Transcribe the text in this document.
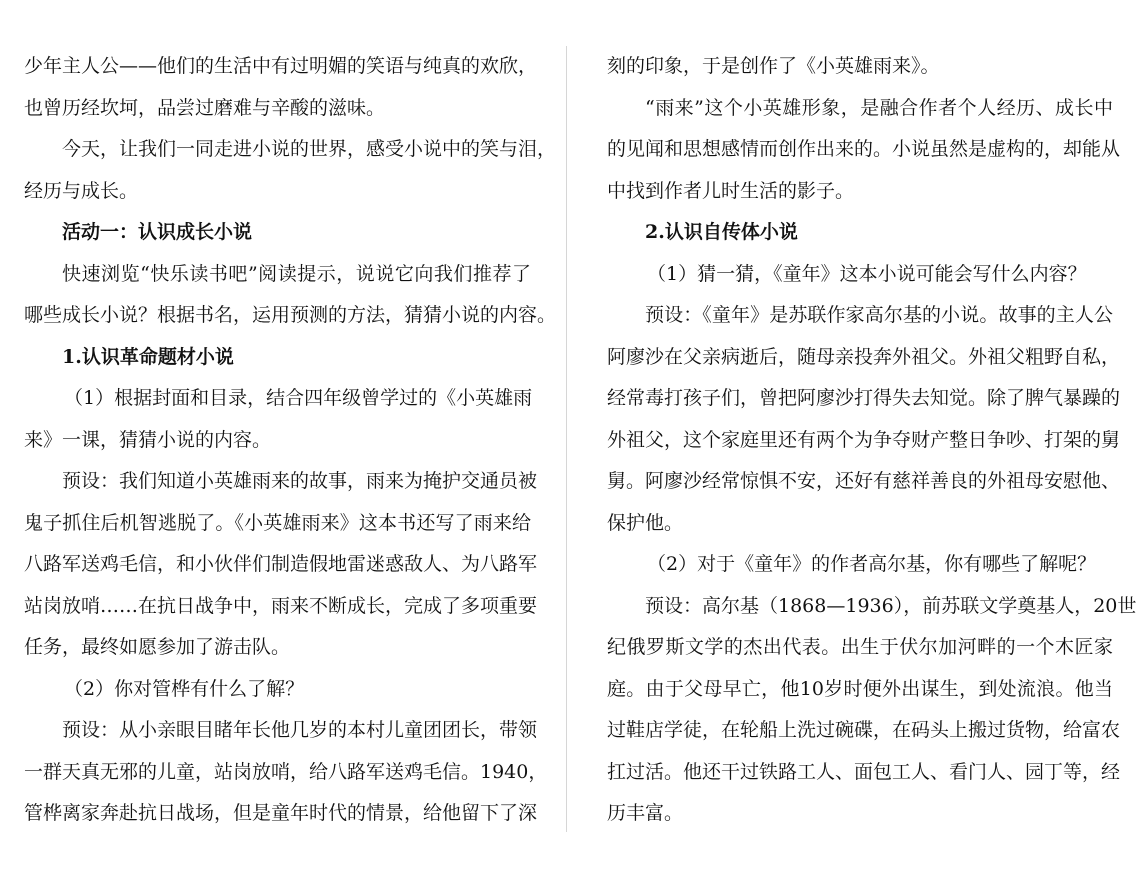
少年主人公——他们的生活中有过明媚的笑语与纯真的欢欣，
也曾历经坎坷，品尝过磨难与辛酸的滋味。
今天，让我们一同走进小说的世界，感受小说中的笑与泪，
经历与成长。
活动一：认识成长小说
快速浏览“快乐读书吧”阅读提示，说说它向我们推荐了
哪些成长小说？根据书名，运用预测的方法，猜猜小说的内容。
1.认识革命题材小说
（1）根据封面和目录，结合四年级曾学过的《小英雄雨
来》一课，猜猜小说的内容。
预设：我们知道小英雄雨来的故事，雨来为掩护交通员被
鬼子抓住后机智逃脱了。《小英雄雨来》这本书还写了雨来给
八路军送鸡毛信，和小伙伴们制造假地雷迷惑敌人、为八路军
站岗放哨……在抗日战争中，雨来不断成长，完成了多项重要
任务，最终如愿参加了游击队。
（2）你对管桦有什么了解？
预设：从小亲眼目睹年长他几岁的本村儿童团团长，带领
一群天真无邪的儿童，站岗放哨，给八路军送鸡毛信。1940，
管桦离家奔赴抗日战场，但是童年时代的情景，给他留下了深
刻的印象，于是创作了《小英雄雨来》。
“雨来”这个小英雄形象，是融合作者个人经历、成长中
的见闻和思想感情而创作出来的。小说虽然是虚构的，却能从
中找到作者儿时生活的影子。
2.认识自传体小说
（1）猜一猜，《童年》这本小说可能会写什么内容？
预设：《童年》是苏联作家高尔基的小说。故事的主人公
阿廖沙在父亲病逝后，随母亲投奔外祖父。外祖父粗野自私，
经常毒打孩子们，曾把阿廖沙打得失去知觉。除了脾气暴躁的
外祖父，这个家庭里还有两个为争夺财产整日争吵、打架的舅
舅。阿廖沙经常惊惧不安，还好有慈祥善良的外祖母安慰他、
保护他。
（2）对于《童年》的作者高尔基，你有哪些了解呢？
预设：高尔基（1868—1936），前苏联文学奠基人，20世
纪俄罗斯文学的杰出代表。出生于伏尔加河畔的一个木匠家
庭。由于父母早亡，他10岁时便外出谋生，到处流浪。他当
过鞋店学徒，在轮船上洗过碗碟，在码头上搬过货物，给富农
扛过活。他还干过铁路工人、面包工人、看门人、园丁等，经
历丰富。
